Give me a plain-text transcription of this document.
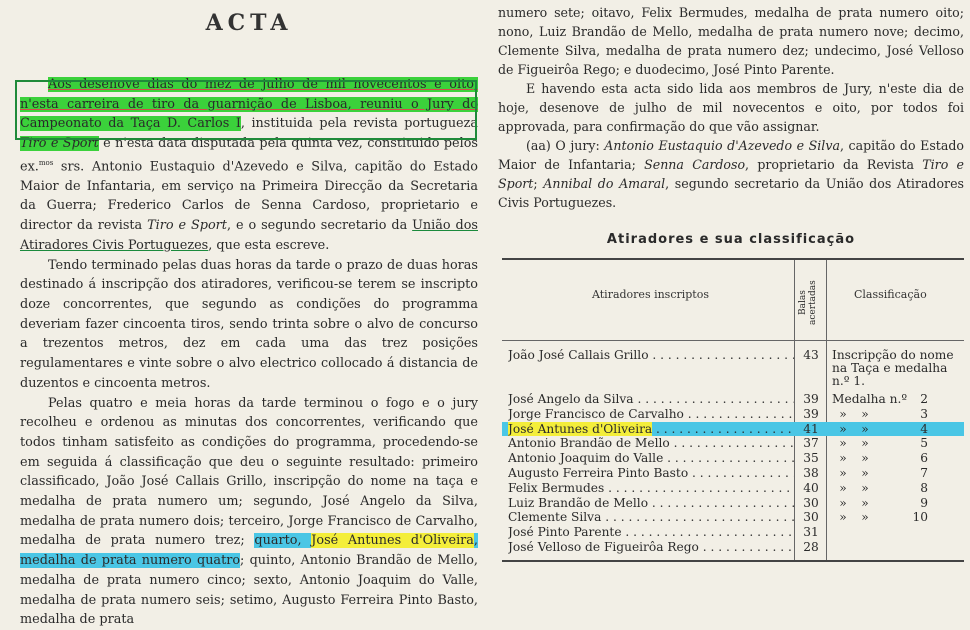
ACTA

Aos desenove dias do mez de julho de mil novecentos e oito, n'esta carreira de tiro da guarnição de Lisboa, reuniu o Jury do Campeonato da Taça D. Carlos I, instituida pela revista portugueza Tiro e Sport e n'esta data disputada pela quinta vez, constituido pelos ex.$^{mos}$ srs. Antonio Eustaquio d'Azevedo e Silva, capitão do Estado Maior de Infantaria, em serviço na Primeira Direcção da Secretaria da Guerra; Frederico Carlos de Senna Cardoso, proprietario e director da revista Tiro e Sport, e o segundo secretario da União dos Atiradores Civis Portuguezes, que esta escreve.

Tendo terminado pelas duas horas da tarde o prazo de duas horas destinado á inscripção dos atiradores, verificou-se terem se inscripto doze concorrentes, que segundo as condições do programma deveriam fazer cincoenta tiros, sendo trinta sobre o alvo de concurso a trezentos metros, dez em cada uma das trez posições regulamentares e vinte sobre o alvo electrico collocado á distancia de duzentos e cincoenta metros.

Pelas quatro e meia horas da tarde terminou o fogo e o jury recolheu e ordenou as minutas dos concorrentes, verificando que todos tinham satisfeito as condições do programma, procedendo-se em seguida á classificação que deu o seguinte resultado: primeiro classificado, João José Callais Grillo, inscripção do nome na taça e medalha de prata numero um; segundo, José Angelo da Silva, medalha de prata numero dois; terceiro, Jorge Francisco de Carvalho, medalha de prata numero trez; quarto, José Antunes d'Oliveira, medalha de prata numero quatro; quinto, Antonio Brandão de Mello, medalha de prata numero cinco; sexto, Antonio Joaquim do Valle, medalha de prata numero seis; setimo, Augusto Ferreira Pinto Basto, medalha de prata

numero sete; oitavo, Felix Bermudes, medalha de prata numero oito; nono, Luiz Brandão de Mello, medalha de prata numero nove; decimo, Clemente Silva, medalha de prata numero dez; undecimo, José Velloso de Figueirôa Rego; e duodecimo, José Pinto Parente.

E havendo esta acta sido lida aos membros de Jury, n'este dia de hoje, desenove de julho de mil novecentos e oito, por todos foi approvada, para confirmação do que vão assignar.

(aa) O jury: Antonio Eustaquio d'Azevedo e Silva, capitão do Estado Maior de Infantaria; Senna Cardoso, proprietario da Revista Tiro e Sport; Annibal do Amaral, segundo secretario da União dos Atiradores Civis Portuguezes.

Atiradores e sua classificação
Atiradores inscriptos	Balas acertadas	Classificação
João José Callais Grillo . . .	43	Inscripção do nome na Taça e medalha n.º 1.
José Angelo da Silva . . .	39	Medalha n.º 2
Jorge Francisco de Carvalho . . .	39	» »	3
José Antunes d'Oliveira . . .	41	» »	4
Antonio Brandão de Mello . . .	37	» »	5
Antonio Joaquim do Valle . . .	35	» »	6
Augusto Ferreira Pinto Basto . . .	38	» »	7
Felix Bermudes . . .	40	» »	8
Luiz Brandão de Mello . . .	30	» »	9
Clemente Silva . . .	30	» »	10
José Pinto Parente . . .	31
José Velloso de Figueirôa Rego . . .	28
